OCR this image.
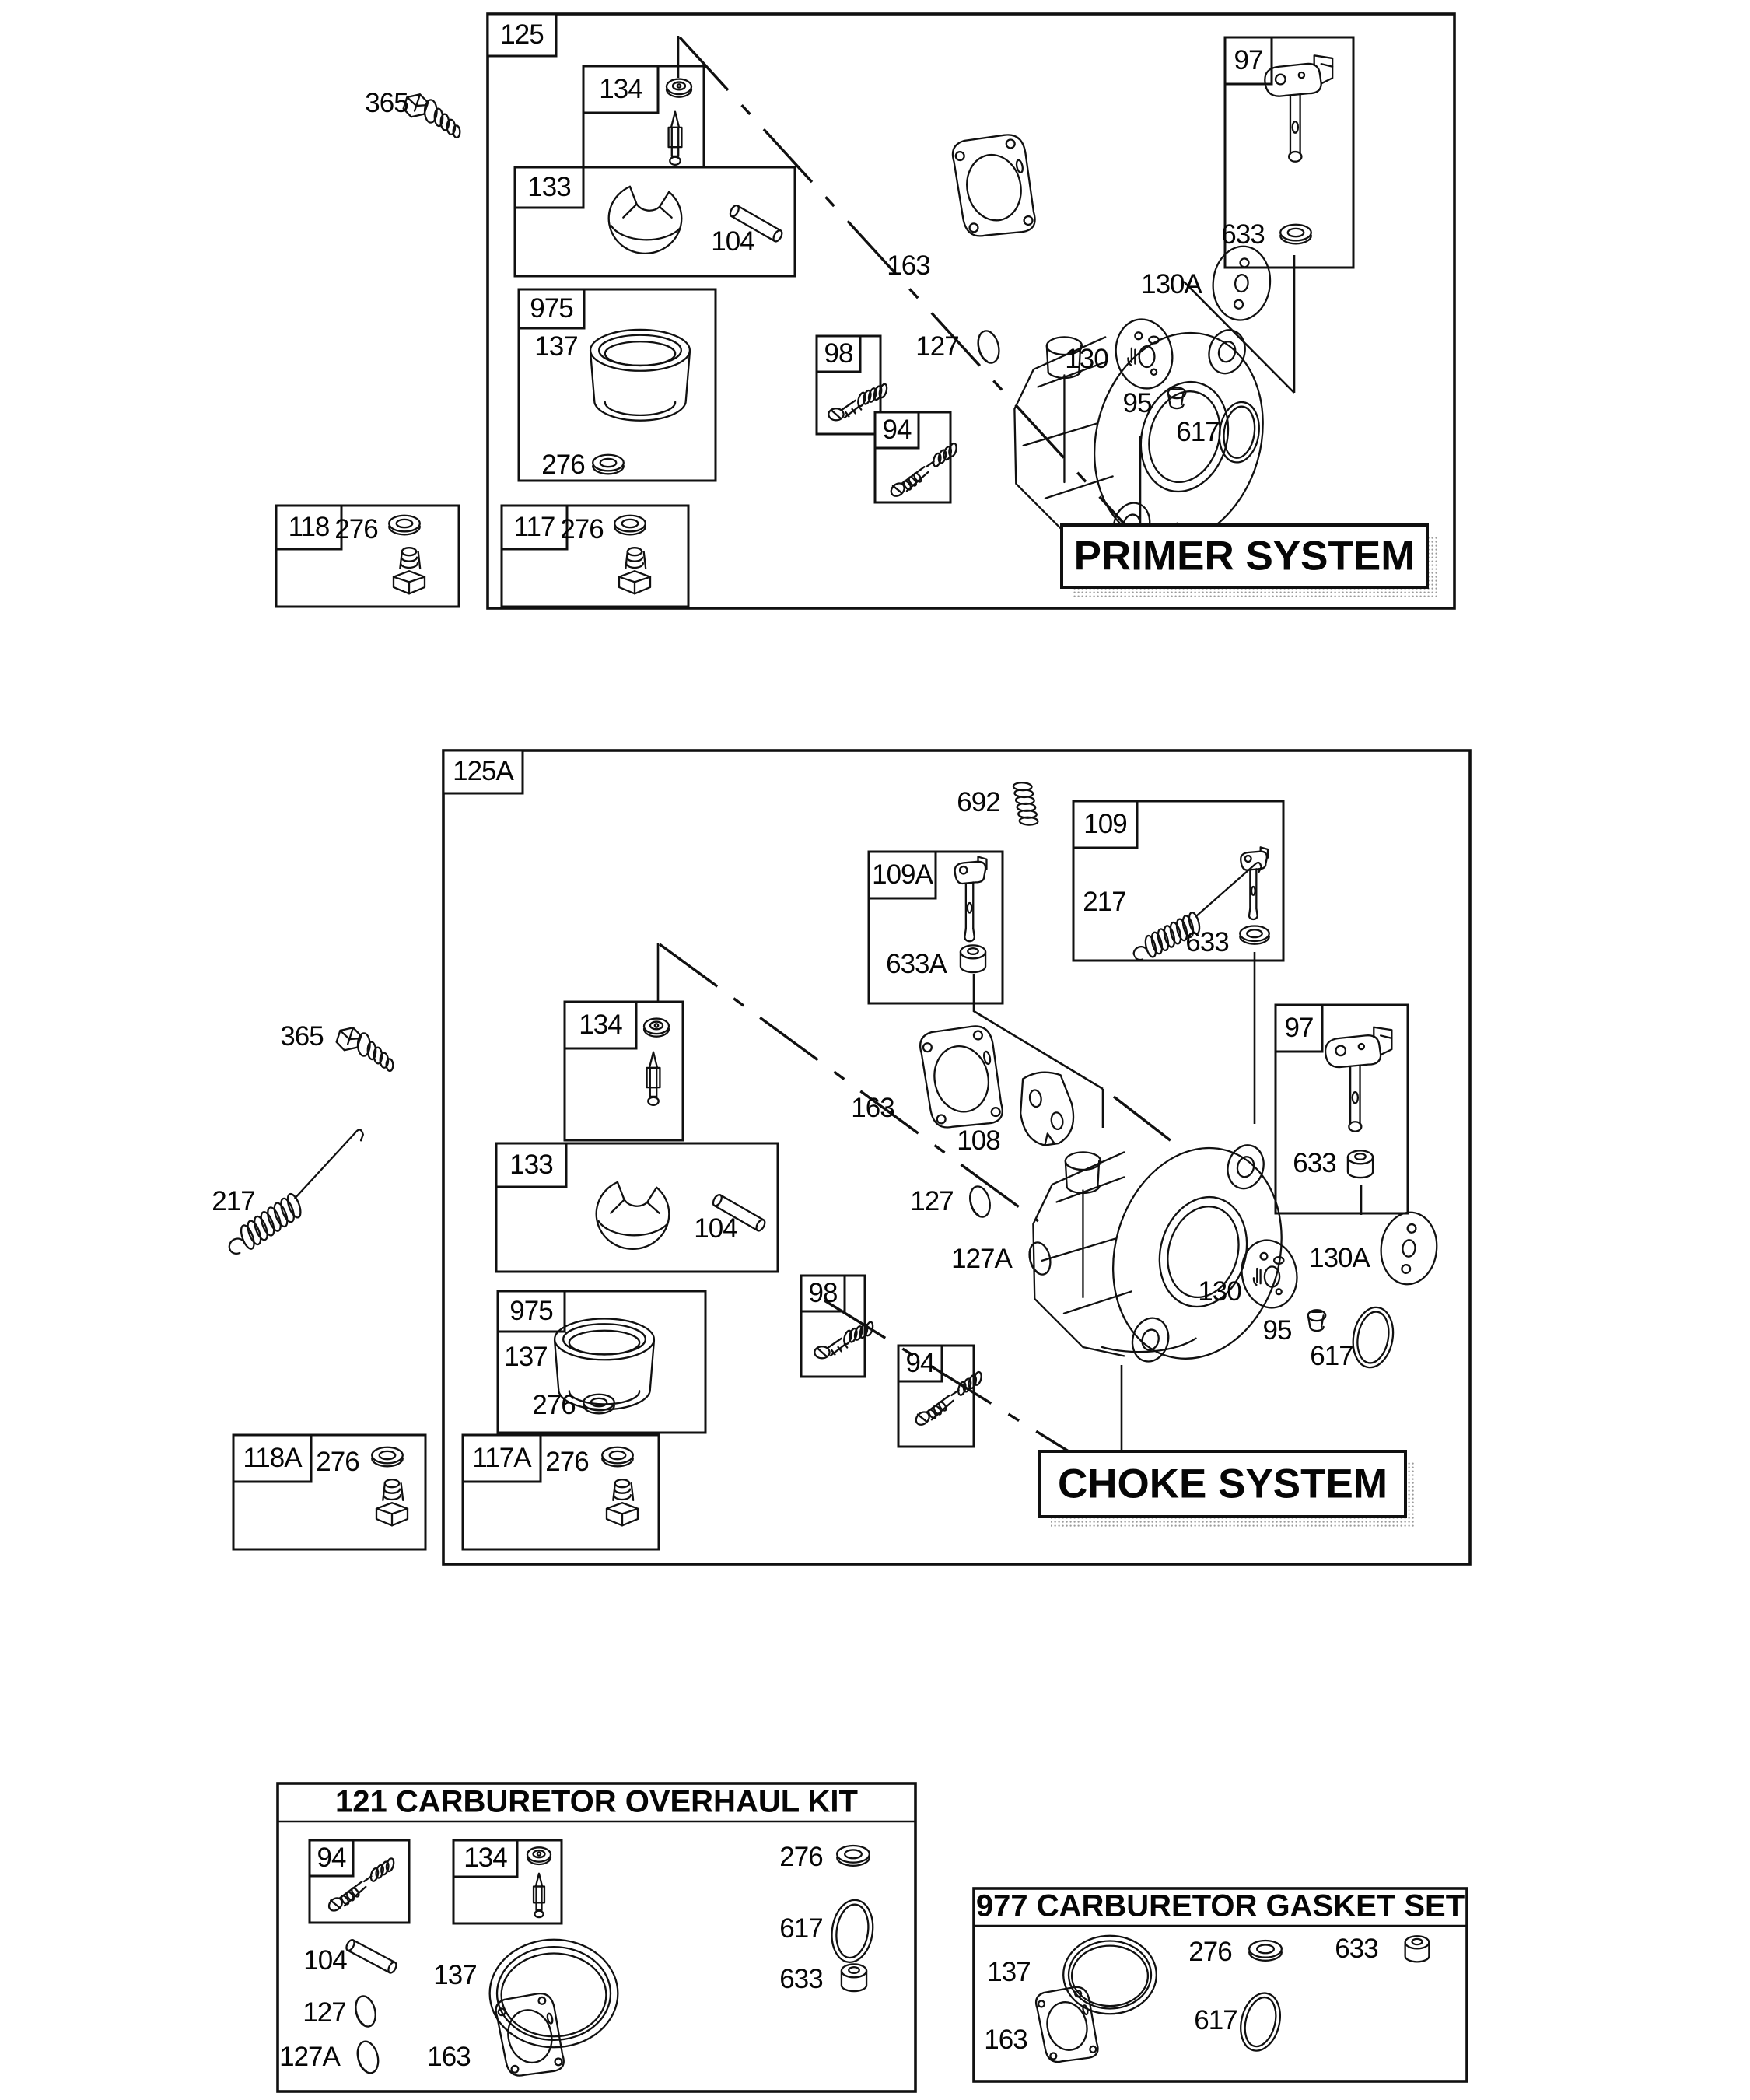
125
365	134
133
104
975
137
276
98
94
163
127	130
95
617
130A
97
633
118 276	117 276
PRIMER SYSTEM
125A
365
217
692
109A
633A
109
217
633
97
633
134
133
104
975
137
276
98
94
163
108
127
127A
130
95
617
130A
118A 276	117A 276	CHOKE SYSTEM
121 CARBURETOR OVERHAUL KIT
94	134
104	137
127
127A	163
276
617
633
977 CARBURETOR GASKET SET
137
276	633
617
163
